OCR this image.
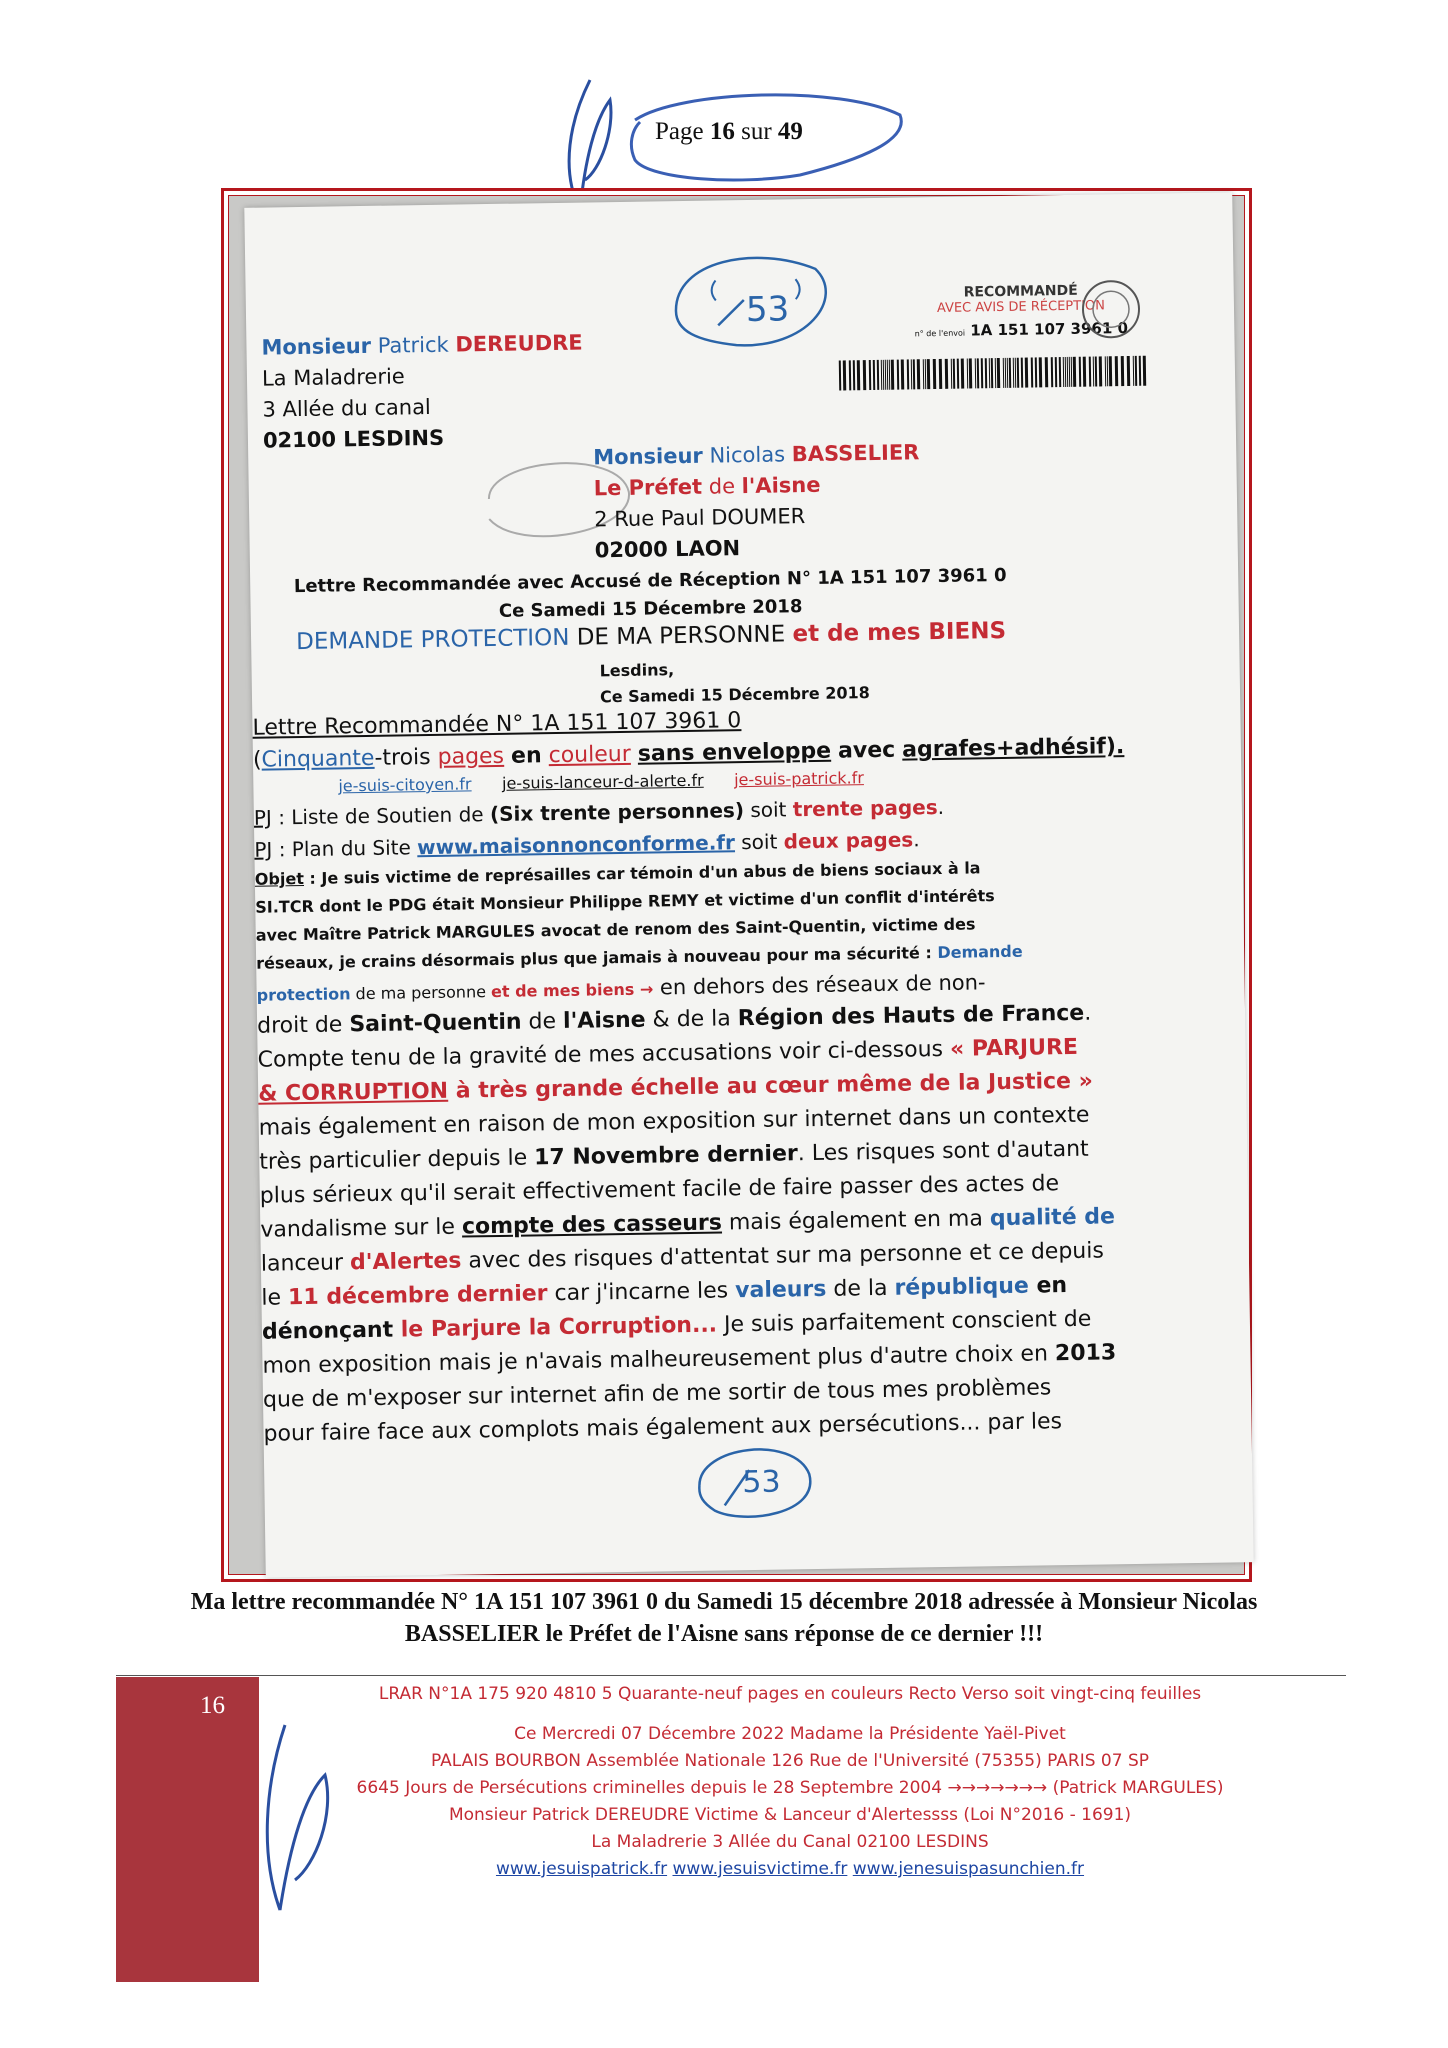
Page 16 sur 49
53	RECOMMANDÉ
AVEC AVIS DE RÉCEPTION
n° de l'envoi 1A 151 107 3961 0
Monsieur Patrick DEREUDRE
La Maladrerie
3 Allée du canal
02100 LESDINS
Monsieur Nicolas BASSELIER
Le Préfet de l'Aisne
2 Rue Paul DOUMER
02000 LAON
Lettre Recommandée avec Accusé de Réception N° 1A 151 107 3961 0
Ce Samedi 15 Décembre 2018
DEMANDE PROTECTION DE MA PERSONNE et de mes BIENS
Lesdins,
Ce Samedi 15 Décembre 2018
Lettre Recommandée N° 1A 151 107 3961 0
(Cinquante-trois pages en couleur sans enveloppe avec agrafes+adhésif).
je-suis-citoyen.fr je-suis-lanceur-d-alerte.fr je-suis-patrick.fr
PJ : Liste de Soutien de (Six trente personnes) soit trente pages.
PJ : Plan du Site www.maisonnonconforme.fr soit deux pages.
Objet : Je suis victime de représailles car témoin d'un abus de biens sociaux à la
SI.TCR dont le PDG était Monsieur Philippe REMY et victime d'un conflit d'intérêts
avec Maître Patrick MARGULES avocat de renom des Saint-Quentin, victime des
réseaux, je crains désormais plus que jamais à nouveau pour ma sécurité : Demande
protection de ma personne et de mes biens → en dehors des réseaux de non-
droit de Saint-Quentin de l'Aisne & de la Région des Hauts de France.
Compte tenu de la gravité de mes accusations voir ci-dessous « PARJURE
& CORRUPTION à très grande échelle au cœur même de la Justice »
mais également en raison de mon exposition sur internet dans un contexte
très particulier depuis le 17 Novembre dernier. Les risques sont d'autant
plus sérieux qu'il serait effectivement facile de faire passer des actes de
vandalisme sur le compte des casseurs mais également en ma qualité de
lanceur d'Alertes avec des risques d'attentat sur ma personne et ce depuis
le 11 décembre dernier car j'incarne les valeurs de la république en
dénonçant le Parjure la Corruption... Je suis parfaitement conscient de
mon exposition mais je n'avais malheureusement plus d'autre choix en 2013
que de m'exposer sur internet afin de me sortir de tous mes problèmes
pour faire face aux complots mais également aux persécutions... par les
53
Ma lettre recommandée N° 1A 151 107 3961 0 du Samedi 15 décembre 2018 adressée à Monsieur Nicolas
BASSELIER le Préfet de l'Aisne sans réponse de ce dernier !!!
16	LRAR N°1A 175 920 4810 5 Quarante-neuf pages en couleurs Recto Verso soit vingt-cinq feuilles
Ce Mercredi 07 Décembre 2022 Madame la Présidente Yaël-Pivet
PALAIS BOURBON Assemblée Nationale 126 Rue de l'Université (75355) PARIS 07 SP
6645 Jours de Persécutions criminelles depuis le 28 Septembre 2004 →→→→→→→ (Patrick MARGULES)
Monsieur Patrick DEREUDRE Victime & Lanceur d'Alertessss (Loi N°2016 - 1691)
La Maladrerie 3 Allée du Canal 02100 LESDINS
www.jesuispatrick.fr www.jesuisvictime.fr www.jenesuispasunchien.fr
